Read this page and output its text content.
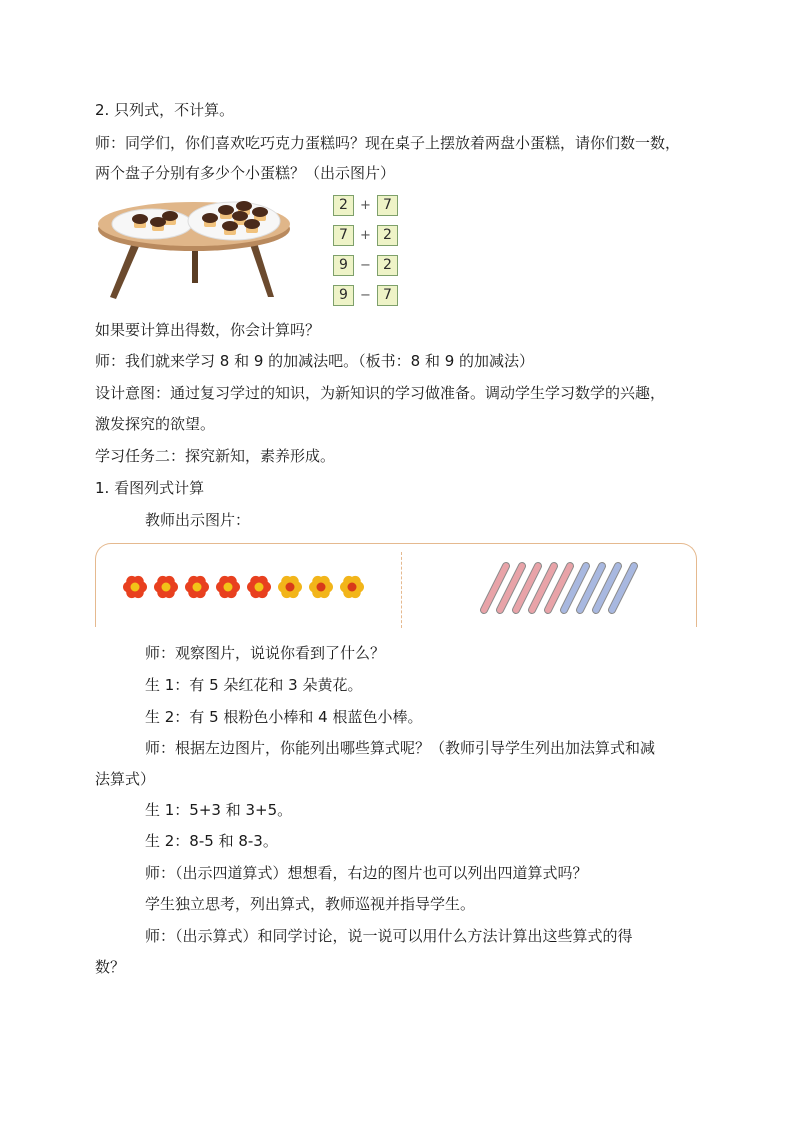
2. 只列式，不计算。
师：同学们，你们喜欢吃巧克力蛋糕吗？现在桌子上摆放着两盘小蛋糕，请你们数一数，
两个盘子分别有多少个小蛋糕？（出示图片）
2 + 7
7 + 2
9 − 2
9 − 7
如果要计算出得数，你会计算吗？
师：我们就来学习 8 和 9 的加减法吧。（板书：8 和 9 的加减法）
设计意图：通过复习学过的知识，为新知识的学习做准备。调动学生学习数学的兴趣，
激发探究的欲望。
学习任务二：探究新知，素养形成。
1. 看图列式计算
教师出示图片：
师：观察图片，说说你看到了什么？
生 1：有 5 朵红花和 3 朵黄花。
生 2：有 5 根粉色小棒和 4 根蓝色小棒。
师：根据左边图片，你能列出哪些算式呢？（教师引导学生列出加法算式和减
法算式）
生 1：5+3 和 3+5。
生 2：8-5 和 8-3。
师：（出示四道算式）想想看，右边的图片也可以列出四道算式吗？
学生独立思考，列出算式，教师巡视并指导学生。
师：（出示算式）和同学讨论，说一说可以用什么方法计算出这些算式的得
数？
